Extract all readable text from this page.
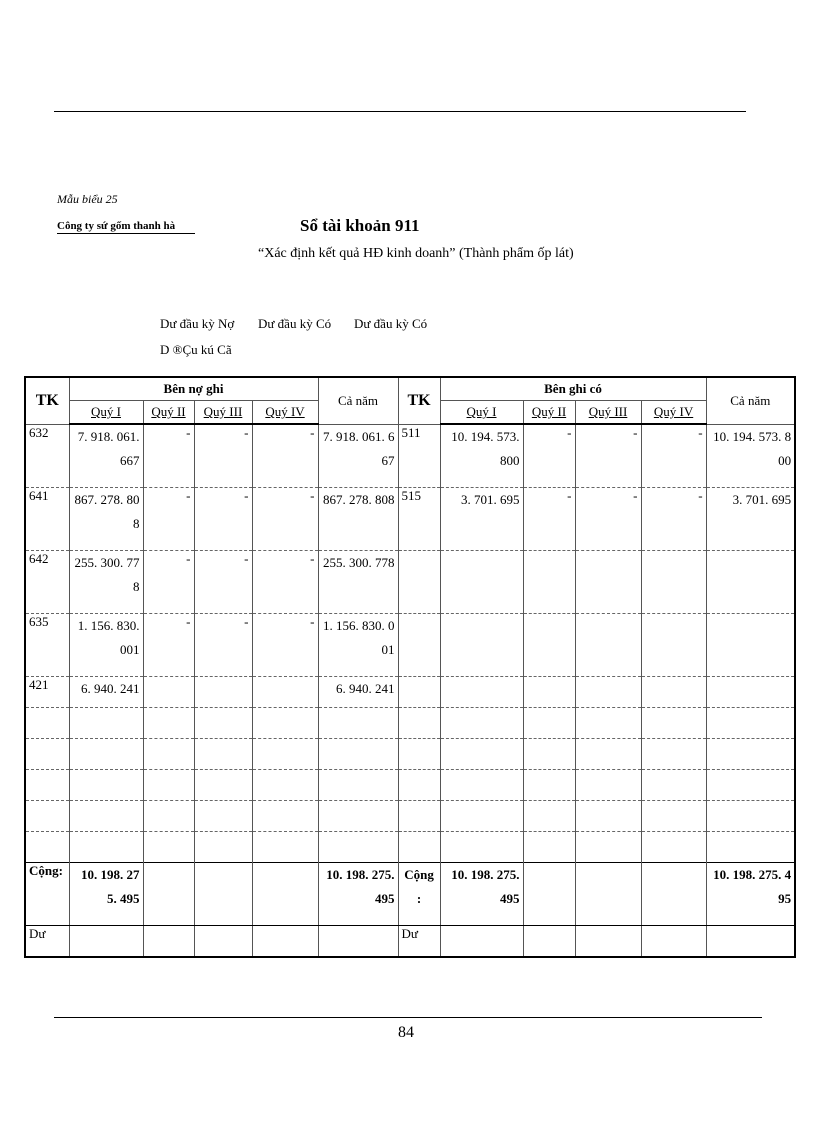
Mẫu biểu 25
Công ty sứ gốm thanh hà	Sổ tài khoản 911
“Xác định kết quả HĐ kinh doanh” (Thành phẩm ốp lát)
Dư đầu kỳ Nợ Dư đầu kỳ Có Dư đầu kỳ Có
D ®Çu kú Cã
TK	Bên nợ ghi				Cả năm	TK	Bên ghi có				Cả năm
	Quý I	Quý II	Quý III	Quý IV			Quý I	Quý II	Quý III	Quý IV	
632	7. 918. 061. 667	-	-	-	7. 918. 061. 667	511	10. 194. 573. 800	-	-	-	10. 194. 573. 800
641	867. 278. 808	-	-	-	867. 278. 808	515	3. 701. 695	-	-	-	3. 701. 695
642	255. 300. 778	-	-	-	255. 300. 778						
635	1. 156. 830. 001	-	-	-	1. 156. 830. 001						
421	6. 940. 241				6. 940. 241						

Cộng:	10. 198. 275. 495				10. 198. 275. 495	Cộng :	10. 198. 275. 495				10. 198. 275. 495
Dư						Dư					
84
